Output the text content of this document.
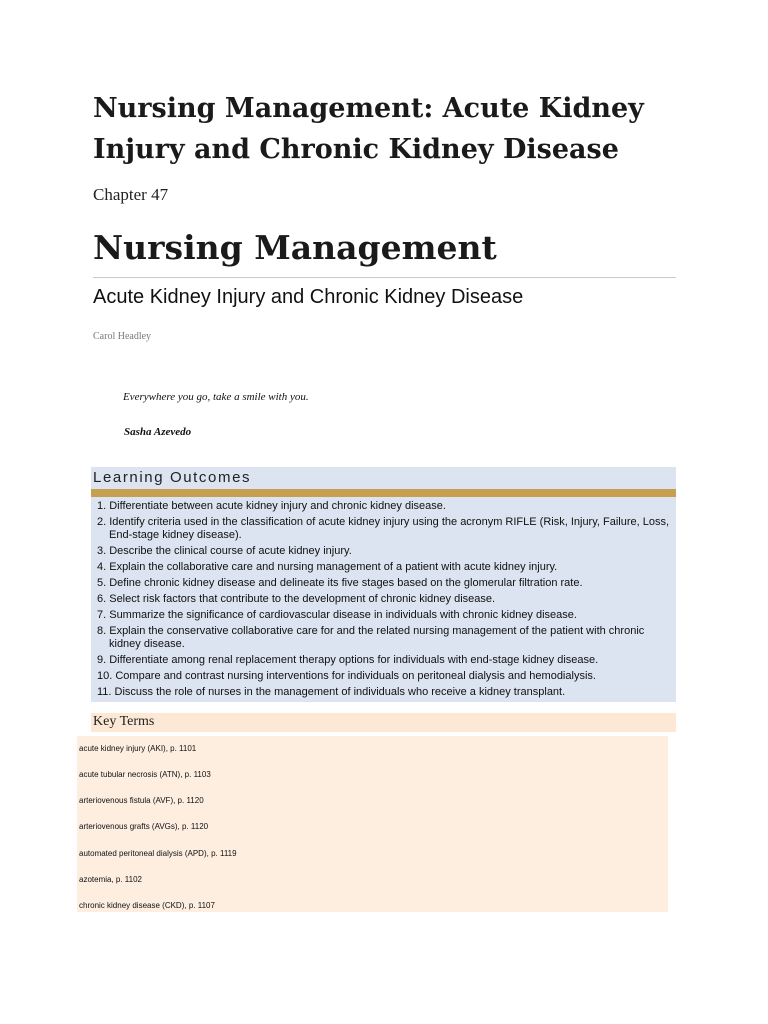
Nursing Management: Acute Kidney Injury and Chronic Kidney Disease
Chapter 47
Nursing Management
Acute Kidney Injury and Chronic Kidney Disease
Carol Headley
Everywhere you go, take a smile with you.
Sasha Azevedo
Learning Outcomes
1. Differentiate between acute kidney injury and chronic kidney disease.
2. Identify criteria used in the classification of acute kidney injury using the acronym RIFLE (Risk, Injury, Failure, Loss, End-stage kidney disease).
3. Describe the clinical course of acute kidney injury.
4. Explain the collaborative care and nursing management of a patient with acute kidney injury.
5. Define chronic kidney disease and delineate its five stages based on the glomerular filtration rate.
6. Select risk factors that contribute to the development of chronic kidney disease.
7. Summarize the significance of cardiovascular disease in individuals with chronic kidney disease.
8. Explain the conservative collaborative care for and the related nursing management of the patient with chronic kidney disease.
9. Differentiate among renal replacement therapy options for individuals with end-stage kidney disease.
10. Compare and contrast nursing interventions for individuals on peritoneal dialysis and hemodialysis.
11. Discuss the role of nurses in the management of individuals who receive a kidney transplant.
Key Terms
acute kidney injury (AKI), p. 1101
acute tubular necrosis (ATN), p. 1103
arteriovenous fistula (AVF), p. 1120
arteriovenous grafts (AVGs), p. 1120
automated peritoneal dialysis (APD), p. 1119
azotemia, p. 1102
chronic kidney disease (CKD), p. 1107
